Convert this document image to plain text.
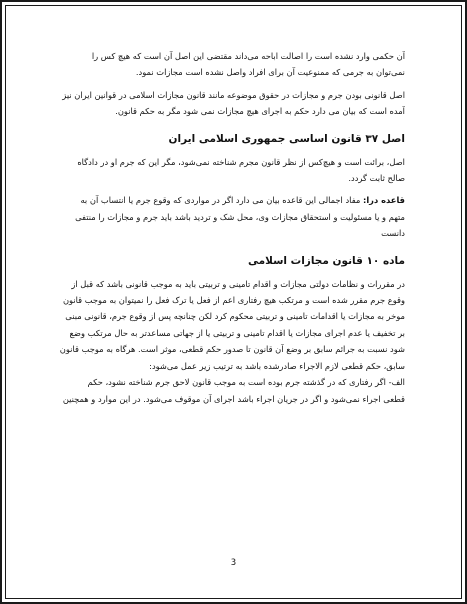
آن حکمی وارد نشده است را اصالت اباحه می‌داند مقتضی این اصل آن است که هیچ کس را
نمی‌توان به جرمی که ممنوعیت آن برای افراد واصل نشده است مجازات نمود.
اصل قانونی بودن جرم و مجازات در حقوق موضوعه مانند قانون مجازات اسلامی در قوانین ایران نیز
آمده است که بیان می دارد حکم به اجرای هیچ مجازات نمی شود مگر به حکم قانون.
اصل ۳۷ قانون اساسی جمهوری اسلامی ایران
اصل، برائت است و هیچ‌کس از نظر قانون مجرم شناخته نمی‌شود، مگر این که جرم او در دادگاه
صالح ثابت گردد.
قاعده درا: مفاد اجمالی این قاعده بیان می دارد اگر در مواردی که وقوع جرم یا انتساب آن به
متهم و یا مسئولیت و استحقاق مجازات وی، محل شک و تردید باشد باید جرم و مجازات را منتفی
دانست
ماده ۱۰ قانون مجازات اسلامی
در مقررات و نظامات دولتی مجازات و اقدام تامینی و تربیتی باید به موجب قانونی باشد که قبل از
وقوع جرم مقرر شده است و مرتکب هیچ رفتاری اعم از فعل یا ترک فعل را نمیتوان به موجب قانون
موخر به مجازات یا اقدامات تامینی و تربیتی محکوم کرد لکن چنانچه پس از وقوع جرم، قانونی مبنی
بر تخفیف یا عدم اجرای مجازات یا اقدام تامینی و تربیتی یا از جهاتی مساعدتر به حال مرتکب وضع
شود نسبت به جرائم سابق بر وضع آن قانون تا صدور حکم قطعی، موثر است. هرگاه به موجب قانون
سابق، حکم قطعی لازم الاجراء صادرشده باشد به ترتیب زیر عمل می‌شود:
الف- اگر رفتاری که در گذشته جرم بوده است به موجب قانون لاحق جرم شناخته نشود، حکم
قطعی اجراء نمی‌شود و اگر در جریان اجراء باشد اجرای آن موقوف می‌شود. در این موارد و همچنین
3
